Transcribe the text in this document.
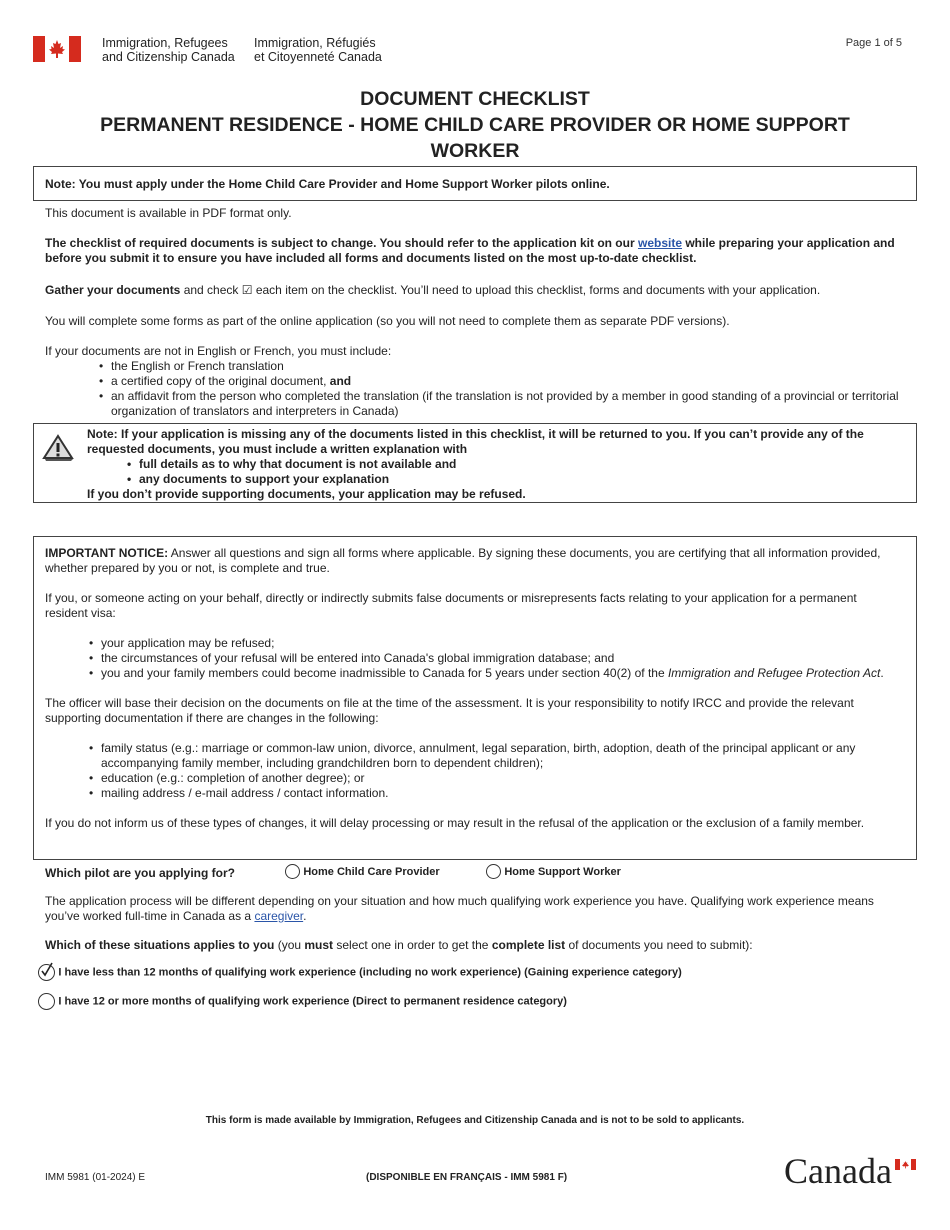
Immigration, Refugees
and Citizenship Canada
Immigration, Réfugiés
et Citoyenneté Canada
Page 1 of 5
DOCUMENT CHECKLIST
PERMANENT RESIDENCE - HOME CHILD CARE PROVIDER OR HOME SUPPORT
WORKER

Note: You must apply under the Home Child Care Provider and Home Support Worker pilots online.

This document is available in PDF format only.

The checklist of required documents is subject to change. You should refer to the application kit on our website while preparing your application and before you submit it to ensure you have included all forms and documents listed on the most up-to-date checklist.

Gather your documents and check ☑ each item on the checklist. You’ll need to upload this checklist, forms and documents with your application.

You will complete some forms as part of the online application (so you will not need to complete them as separate PDF versions).

If your documents are not in English or French, you must include:

• the English or French translation
• a certified copy of the original document, and
• an affidavit from the person who completed the translation (if the translation is not provided by a member in good standing of a provincial or territorial organization of translators and interpreters in Canada)

Note: If your application is missing any of the documents listed in this checklist, it will be returned to you. If you can’t provide any of the requested documents, you must include a written explanation with

• full details as to why that document is not available and
• any documents to support your explanation

If you don’t provide supporting documents, your application may be refused.

IMPORTANT NOTICE: Answer all questions and sign all forms where applicable. By signing these documents, you are certifying that all information provided, whether prepared by you or not, is complete and true.

If you, or someone acting on your behalf, directly or indirectly submits false documents or misrepresents facts relating to your application for a permanent resident visa:

• your application may be refused;
• the circumstances of your refusal will be entered into Canada's global immigration database; and
• you and your family members could become inadmissible to Canada for 5 years under section 40(2) of the Immigration and Refugee Protection Act.

The officer will base their decision on the documents on file at the time of the assessment. It is your responsibility to notify IRCC and provide the relevant supporting documentation if there are changes in the following:

• family status (e.g.: marriage or common-law union, divorce, annulment, legal separation, birth, adoption, death of the principal applicant or any accompanying family member, including grandchildren born to dependent children);
• education (e.g.: completion of another degree); or
• mailing address / e-mail address / contact information.

If you do not inform us of these types of changes, it will delay processing or may result in the refusal of the application or the exclusion of a family member.

Which pilot are you applying for?	Home Child Care Provider	Home Support Worker

The application process will be different depending on your situation and how much qualifying work experience you have. Qualifying work experience means you’ve worked full-time in Canada as a caregiver.

Which of these situations applies to you (you must select one in order to get the complete list of documents you need to submit):

I have less than 12 months of qualifying work experience (including no work experience) (Gaining experience category)
I have 12 or more months of qualifying work experience (Direct to permanent residence category)

This form is made available by Immigration, Refugees and Citizenship Canada and is not to be sold to applicants.

IMM 5981 (01-2024) E	(DISPONIBLE EN FRANÇAIS - IMM 5981 F)	Canada
